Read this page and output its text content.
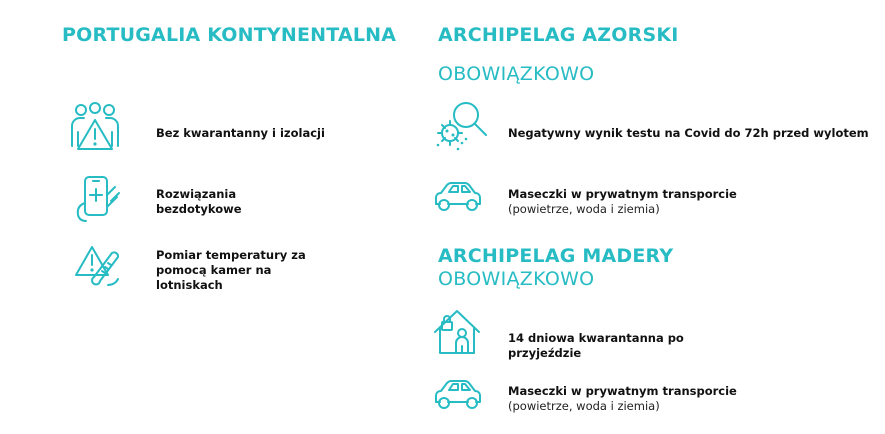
PORTUGALIA KONTYNENTALNA
Bez kwarantanny i izolacji
Rozwiązania
bezdotykowe
Pomiar temperatury za
pomocą kamer na
lotniskach
ARCHIPELAG AZORSKI
OBOWIĄZKOWO
Negatywny wynik testu na Covid do 72h przed wylotem
Maseczki w prywatnym transporcie
(powietrze, woda i ziemia)
ARCHIPELAG MADERY
OBOWIĄZKOWO
14 dniowa kwarantanna po
przyjeździe
Maseczki w prywatnym transporcie
(powietrze, woda i ziemia)
